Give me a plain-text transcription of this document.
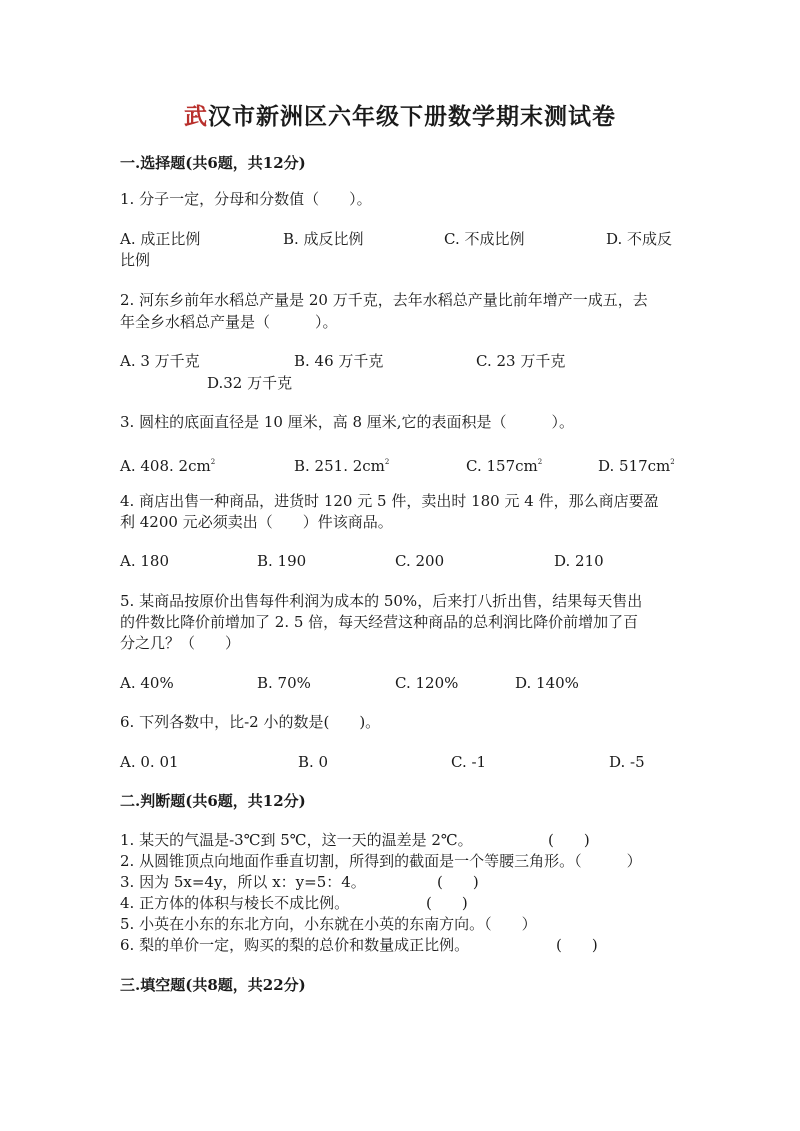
武汉市新洲区六年级下册数学期末测试卷
一.选择题(共6题，共12分)
1. 分子一定，分母和分数值（　　）。
A. 成正比例	B. 成反比例	C. 不成比例	D. 不成反
比例
2. 河东乡前年水稻总产量是 20 万千克，去年水稻总产量比前年增产一成五，去
年全乡水稻总产量是（　　　）。
A. 3 万千克	B. 46 万千克	C. 23 万千克
D.32 万千克
3. 圆柱的底面直径是 10 厘米，高 8 厘米,它的表面积是（　　　）。
A. 408. $2cm^2$	B. 251. $2cm^2$	C. $157cm^2$	D. $517cm^2$
4. 商店出售一种商品，进货时 120 元 5 件，卖出时 180 元 4 件，那么商店要盈
利 4200 元必须卖出（　　）件该商品。
A. 180	B. 190	C. 200	D. 210
5. 某商品按原价出售每件利润为成本的 50%，后来打八折出售，结果每天售出
的件数比降价前增加了 2. 5 倍，每天经营这种商品的总利润比降价前增加了百
分之几？（　　）
A. 40%	B. 70%	C. 120%	D. 140%
6. 下列各数中，比-2 小的数是(　　)。
A. 0. 01	B. 0	C. -1	D. -5
二.判断题(共6题，共12分)
1. 某天的气温是-3℃到 5℃，这一天的温差是 2℃。	(　　)
2. 从圆锥顶点向地面作垂直切割，所得到的截面是一个等腰三角形。（　　　）
3. 因为 5x=4y，所以 x：y=5：4。	(　　)
4. 正方体的体积与棱长不成比例。	(　　)
5. 小英在小东的东北方向，小东就在小英的东南方向。（　　）
6. 梨的单价一定，购买的梨的总价和数量成正比例。	(　　)
三.填空题(共8题，共22分)
